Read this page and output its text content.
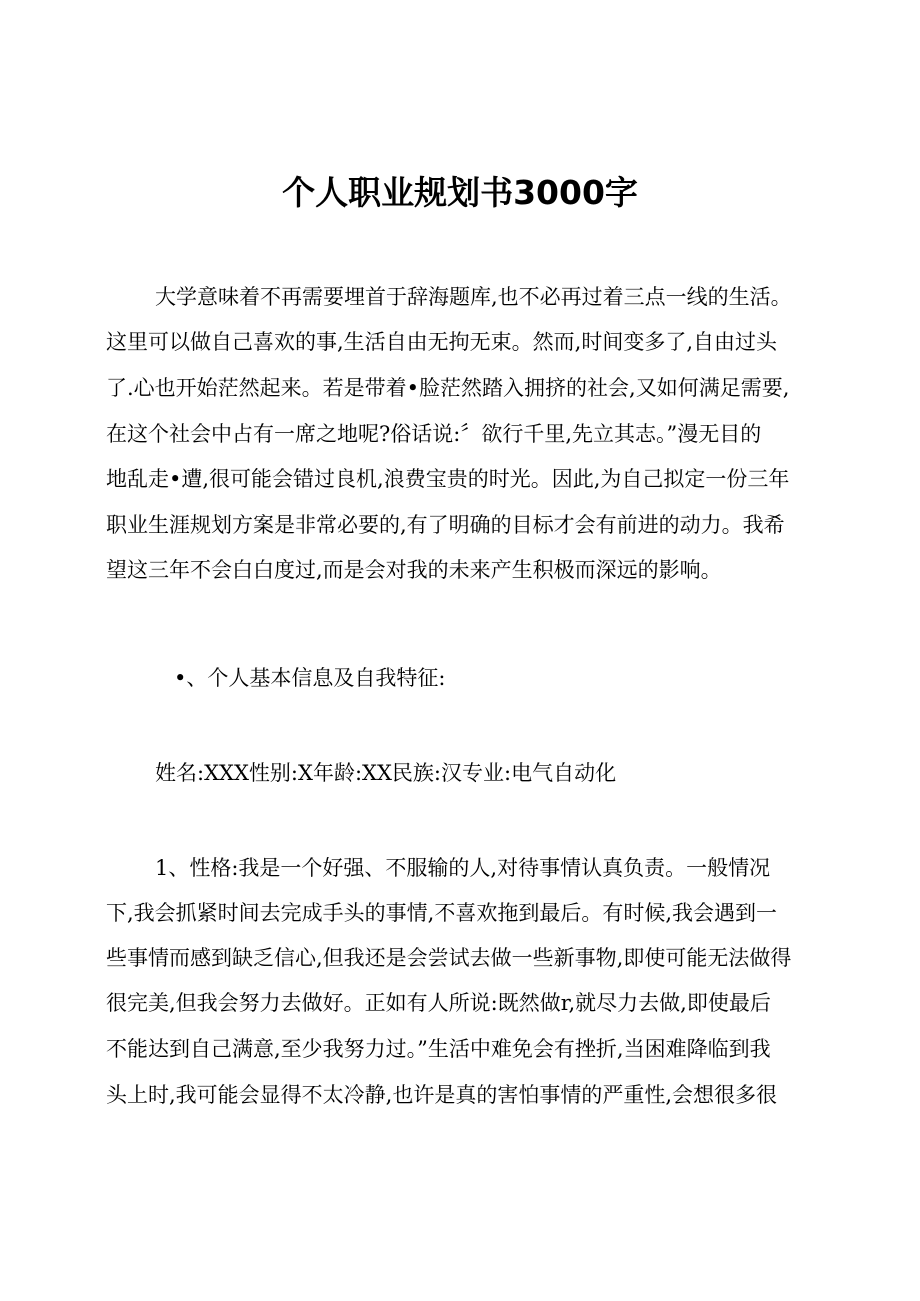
个人职业规划书3000字
大学意味着不再需要埋首于辞海题库,也不必再过着三点一线的生活。
这里可以做自己喜欢的事,生活自由无拘无束。然而,时间变多了,自由过头
了.心也开始茫然起来。若是带着•脸茫然踏入拥挤的社会,又如何满足需要,
在这个社会中占有一席之地呢?俗话说:〞欲行千里,先立其志。”漫无目的
地乱走•遭,很可能会错过良机,浪费宝贵的时光。因此,为自己拟定一份三年
职业生涯规划方案是非常必要的,有了明确的目标才会有前进的动力。我希
望这三年不会白白度过,而是会对我的未来产生积极而深远的影响。
•、个人基本信息及自我特征:
姓名:XXX性别:X年龄:XX民族:汉专业:电气自动化
1、性格:我是一个好强、不服输的人,对待事情认真负责。一般情况
下,我会抓紧时间去完成手头的事情,不喜欢拖到最后。有时候,我会遇到一
些事情而感到缺乏信心,但我还是会尝试去做一些新事物,即使可能无法做得
很完美,但我会努力去做好。正如有人所说:既然做r,就尽力去做,即使最后
不能达到自己满意,至少我努力过。”生活中难免会有挫折,当困难降临到我
头上时,我可能会显得不太冷静,也许是真的害怕事情的严重性,会想很多很
